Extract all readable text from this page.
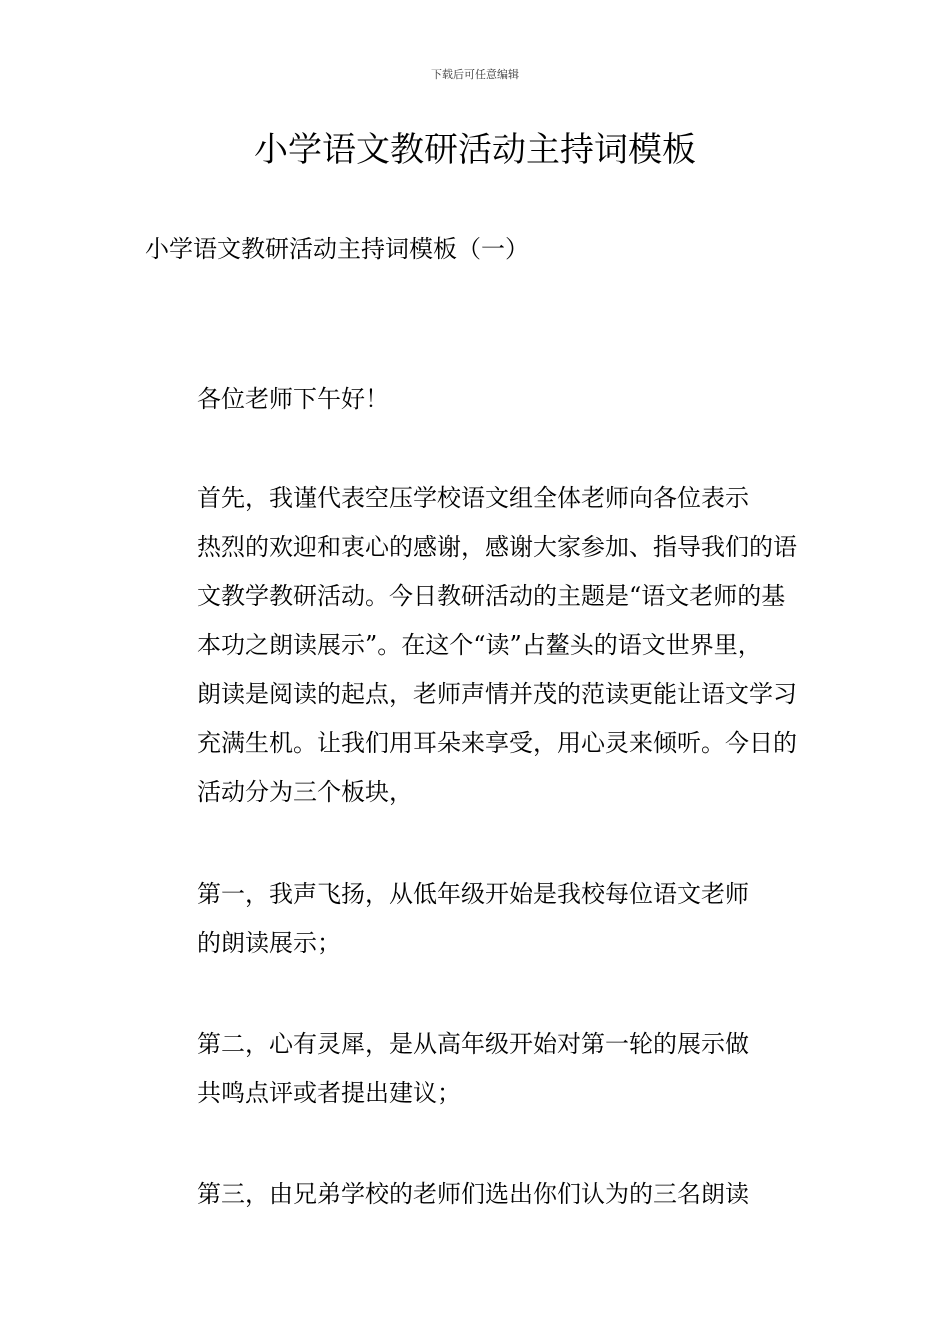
下载后可任意编辑
小学语文教研活动主持词模板
小学语文教研活动主持词模板（一）
各位老师下午好！
首先，我谨代表空压学校语文组全体老师向各位表示
热烈的欢迎和衷心的感谢，感谢大家参加、指导我们的语
文教学教研活动。今日教研活动的主题是“语文老师的基
本功之朗读展示”。在这个“读”占鳌头的语文世界里，
朗读是阅读的起点，老师声情并茂的范读更能让语文学习
充满生机。让我们用耳朵来享受，用心灵来倾听。今日的
活动分为三个板块，
第一，我声飞扬，从低年级开始是我校每位语文老师
的朗读展示；
第二，心有灵犀，是从高年级开始对第一轮的展示做
共鸣点评或者提出建议；
第三，由兄弟学校的老师们选出你们认为的三名朗读
